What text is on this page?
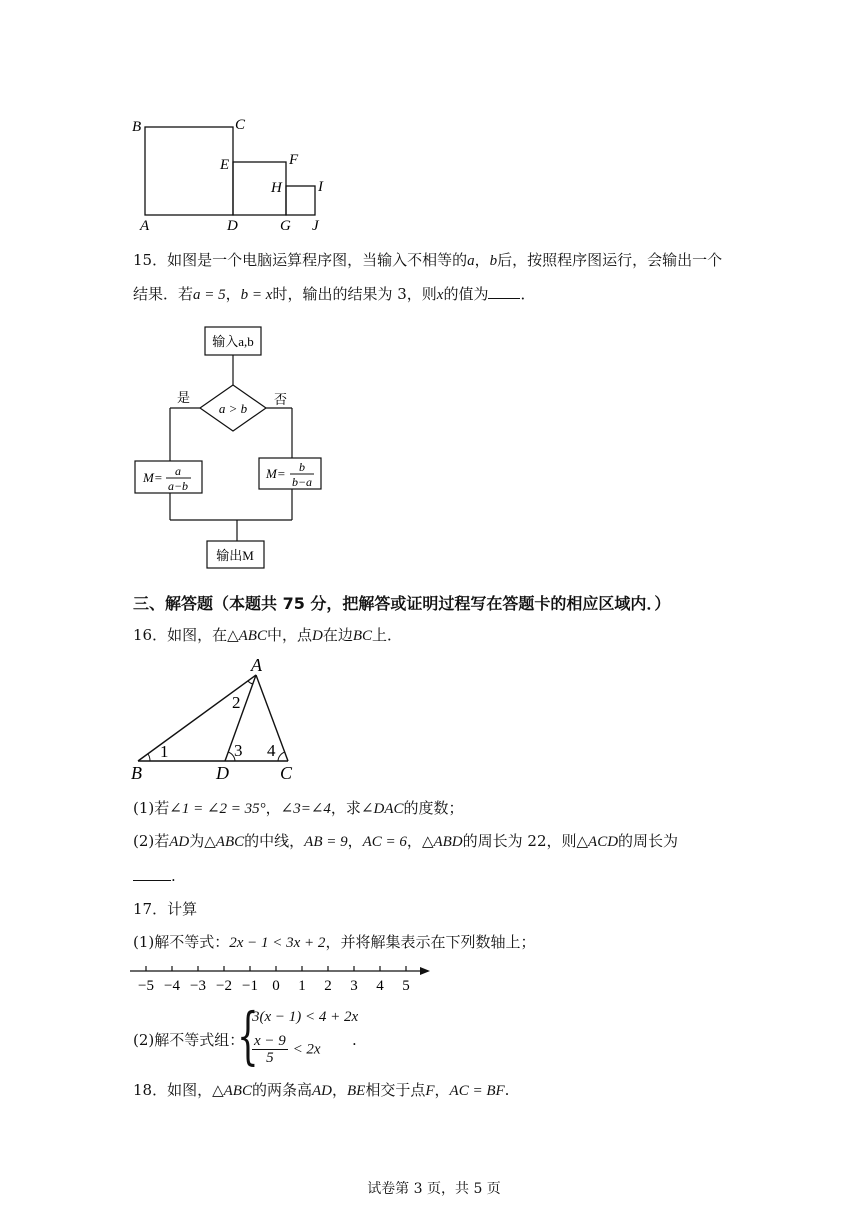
B	C
E	F
H I
A	D	G J
15．如图是一个电脑运算程序图，当输入不相等的a，b后，按照程序图运行，会输出一个
结果．若a = 5，b = x时，输出的结果为 3，则x的值为 ．
输入a,b
a > b
是	否
M= a
a−b
M= b
b−a
输出M
三、解答题（本题共 75 分，把解答或证明过程写在答题卡的相应区域内．）
16．如图，在△ABC中，点D在边BC上．
A
B	D	C
1
2
3 4
(1)若∠1 = ∠2 = 35°，∠3=∠4，求∠DAC的度数；
(2)若AD为△ABC的中线，AB = 9，AC = 6，△ABD的周长为 22，则△ACD的周长为
.
17．计算
(1)解不等式：2x − 1 < 3x + 2，并将解集表示在下列数轴上；
−5 −4 −3 −2 −1 0 1 2 3 4 5
(2)解不等式组：
{
3(x − 1) < 4 + 2x
$\frac{x - 9}{5} < 2x$
.
18．如图，△ABC的两条高AD，BE相交于点F，AC = BF.
试卷第 3 页，共 5 页
